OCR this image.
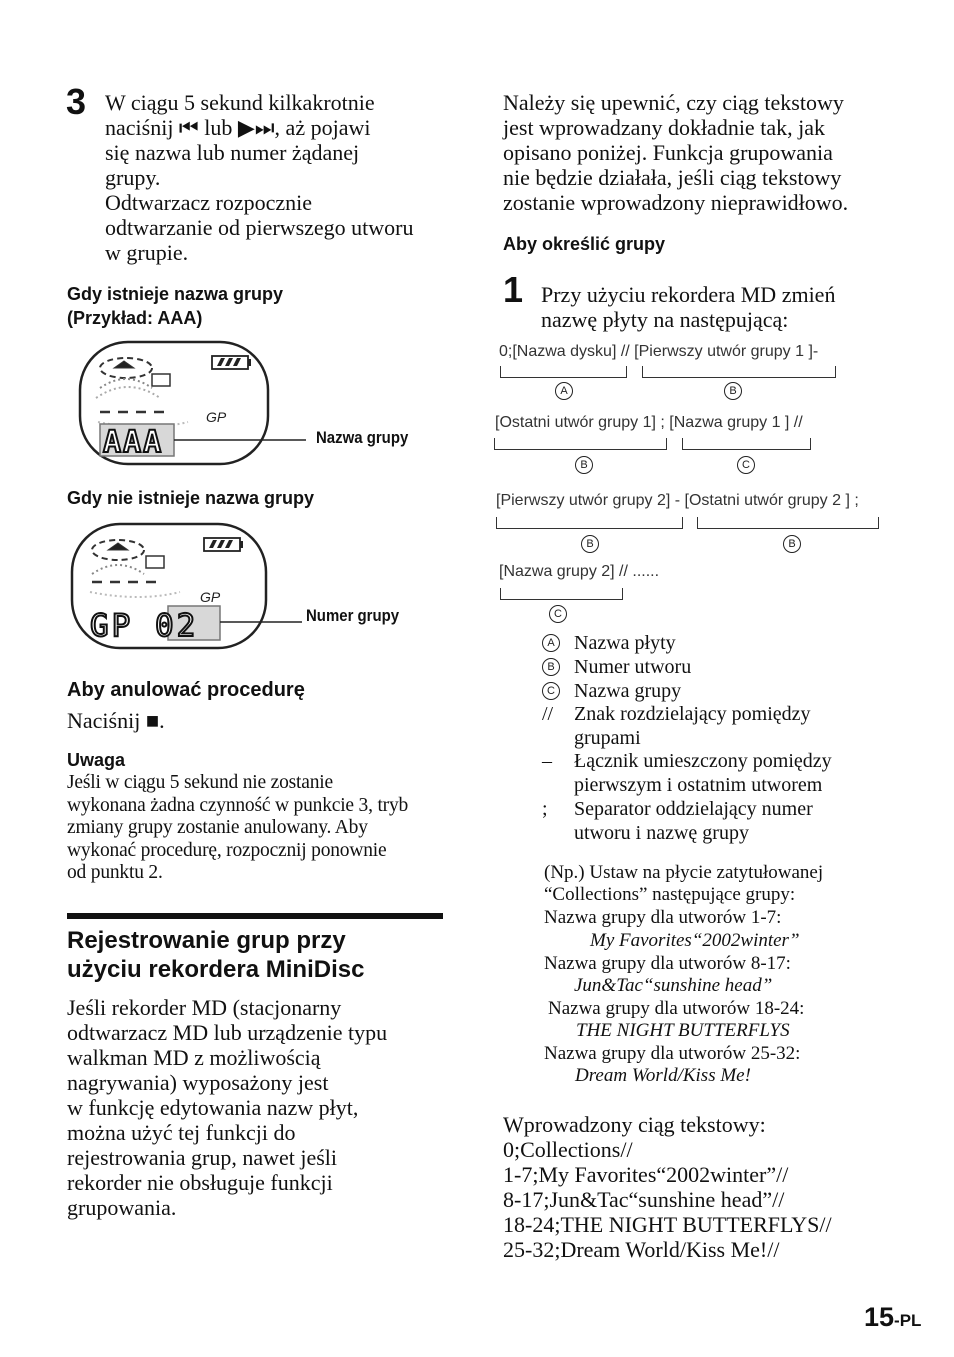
3 W ciągu 5 sekund kilkakrotnie
naciśnij ⏮ lub ▶⏭, aż pojawi
się nazwa lub numer żądanej
grupy.
Odtwarzacz rozpocznie
odtwarzanie od pierwszego utworu
w grupie.
Gdy istnieje nazwa grupy
(Przykład: AAA)
GP
AAA	Nazwa grupy
Gdy nie istnieje nazwa grupy
GP
GP 02	Numer grupy
Aby anulować procedurę
Naciśnij ■.
Uwaga
Jeśli w ciągu 5 sekund nie zostanie
wykonana żadna czynność w punkcie 3, tryb
zmiany grupy zostanie anulowany. Aby
wykonać procedurę, rozpocznij ponownie
od punktu 2.
Rejestrowanie grup przy
użyciu rekordera MiniDisc
Jeśli rekorder MD (stacjonarny
odtwarzacz MD lub urządzenie typu
walkman MD z możliwością
nagrywania) wyposażony jest
w funkcję edytowania nazw płyt,
można użyć tej funkcji do
rejestrowania grup, nawet jeśli
rekorder nie obsługuje funkcji
grupowania.
Należy się upewnić, czy ciąg tekstowy
jest wprowadzany dokładnie tak, jak
opisano poniżej. Funkcja grupowania
nie będzie działała, jeśli ciąg tekstowy
zostanie wprowadzony nieprawidłowo.
Aby określić grupy
1 Przy użyciu rekordera MD zmień
nazwę płyty na następującą:
0;[Nazwa dysku] // [Pierwszy utwór grupy 1 ]-
A	B
[Ostatni utwór grupy 1] ; [Nazwa grupy 1 ] //
B	C
[Pierwszy utwór grupy 2] - [Ostatni utwór grupy 2 ] ;
B	B
[Nazwa grupy 2] // ......
C
A Nazwa płyty
B Numer utworu
C Nazwa grupy
// Znak rozdzielający pomiędzy
grupami
– Łącznik umieszczony pomiędzy
pierwszym i ostatnim utworem
; Separator oddzielający numer
utworu i nazwę grupy
(Np.) Ustaw na płycie zatytułowanej
“Collections” następujące grupy:
Nazwa grupy dla utworów 1-7:
My Favorites“2002winter”
Nazwa grupy dla utworów 8-17:
Jun&Tac“sunshine head”
Nazwa grupy dla utworów 18-24:
THE NIGHT BUTTERFLYS
Nazwa grupy dla utworów 25-32:
Dream World/Kiss Me!
Wprowadzony ciąg tekstowy:
0;Collections//
1-7;My Favorites“2002winter”//
8-17;Jun&Tac“sunshine head”//
18-24;THE NIGHT BUTTERFLYS//
25-32;Dream World/Kiss Me!//
15-PL
